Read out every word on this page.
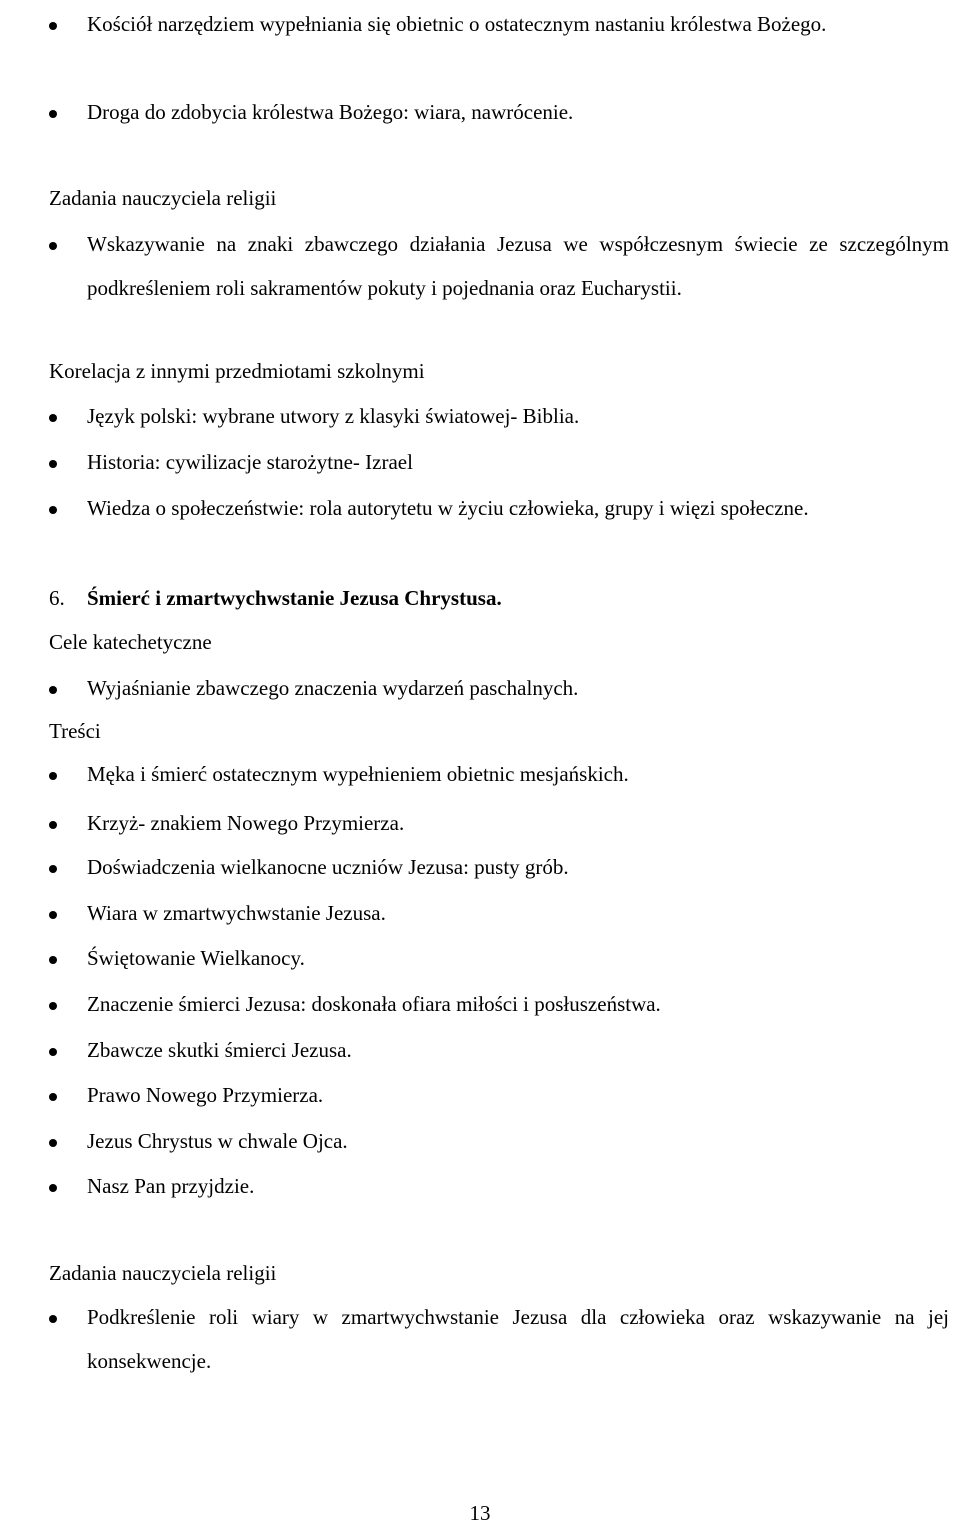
Kościół narzędziem wypełniania się obietnic o ostatecznym nastaniu królestwa Bożego.
Droga do zdobycia królestwa Bożego: wiara, nawrócenie.
Zadania nauczyciela religii
Wskazywanie na znaki zbawczego działania Jezusa we współczesnym świecie ze szczególnym podkreśleniem roli sakramentów pokuty i pojednania oraz Eucharystii.
Korelacja z innymi przedmiotami szkolnymi
Język polski: wybrane utwory z klasyki światowej- Biblia.
Historia: cywilizacje starożytne- Izrael
Wiedza o społeczeństwie: rola autorytetu w życiu człowieka, grupy i więzi społeczne.
6. Śmierć i zmartwychwstanie Jezusa Chrystusa.
Cele katechetyczne
Wyjaśnianie zbawczego znaczenia wydarzeń paschalnych.
Treści
Męka i śmierć ostatecznym wypełnieniem obietnic mesjańskich.
Krzyż- znakiem Nowego Przymierza.
Doświadczenia wielkanocne uczniów Jezusa: pusty grób.
Wiara w zmartwychwstanie Jezusa.
Świętowanie Wielkanocy.
Znaczenie śmierci Jezusa: doskonała ofiara miłości i posłuszeństwa.
Zbawcze skutki śmierci Jezusa.
Prawo Nowego Przymierza.
Jezus Chrystus w chwale Ojca.
Nasz Pan przyjdzie.
Zadania nauczyciela religii
Podkreślenie roli wiary w zmartwychwstanie Jezusa dla człowieka oraz wskazywanie na jej konsekwencje.
13
